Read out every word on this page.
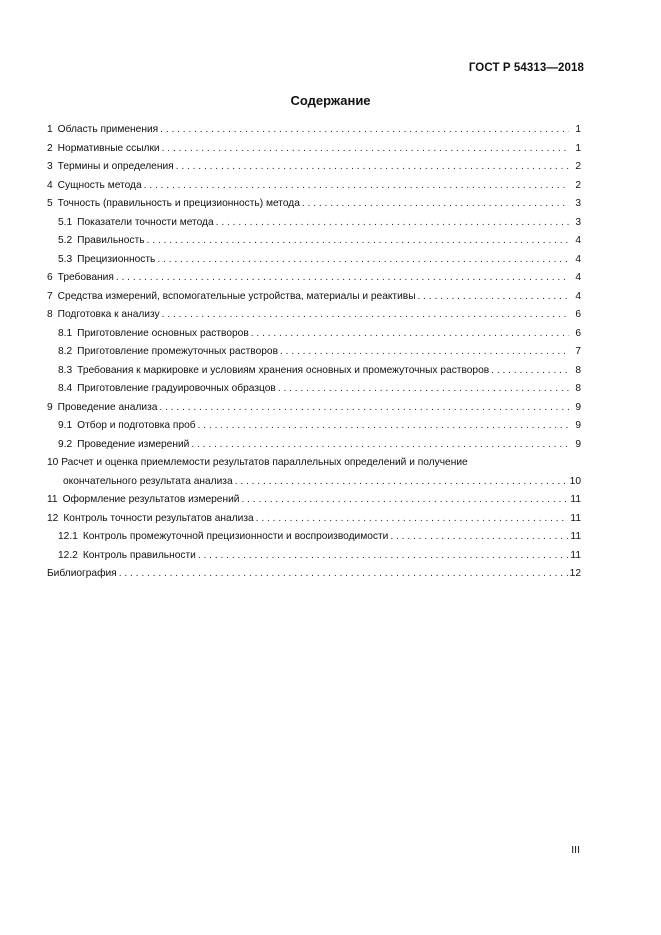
ГОСТ Р 54313—2018
Содержание
1 Область применения . . .	1
2 Нормативные ссылки . . .	1
3 Термины и определения . . .	2
4 Сущность метода . . .	2
5 Точность (правильность и прецизионность) метода . . .	3
5.1 Показатели точности метода . . .	3
5.2 Правильность . . .	4
5.3 Прецизионность . . .	4
6 Требования . . .	4
7 Средства измерений, вспомогательные устройства, материалы и реактивы . . .	4
8 Подготовка к анализу . . .	6
8.1 Приготовление основных растворов . . .	6
8.2 Приготовление промежуточных растворов . . .	7
8.3 Требования к маркировке и условиям хранения основных и промежуточных растворов . . .	8
8.4 Приготовление градуировочных образцов . . .	8
9 Проведение анализа . . .	9
9.1 Отбор и подготовка проб . . .	9
9.2 Проведение измерений . . .	9
10 Расчет и оценка приемлемости результатов параллельных определений и получение
окончательного результата анализа . . .	10
11 Оформление результатов измерений . . .	11
12 Контроль точности результатов анализа . . .	11
12.1 Контроль промежуточной прецизионности и воспроизводимости . . .	11
12.2 Контроль правильности . . .	11
Библиография . . .	12
III
